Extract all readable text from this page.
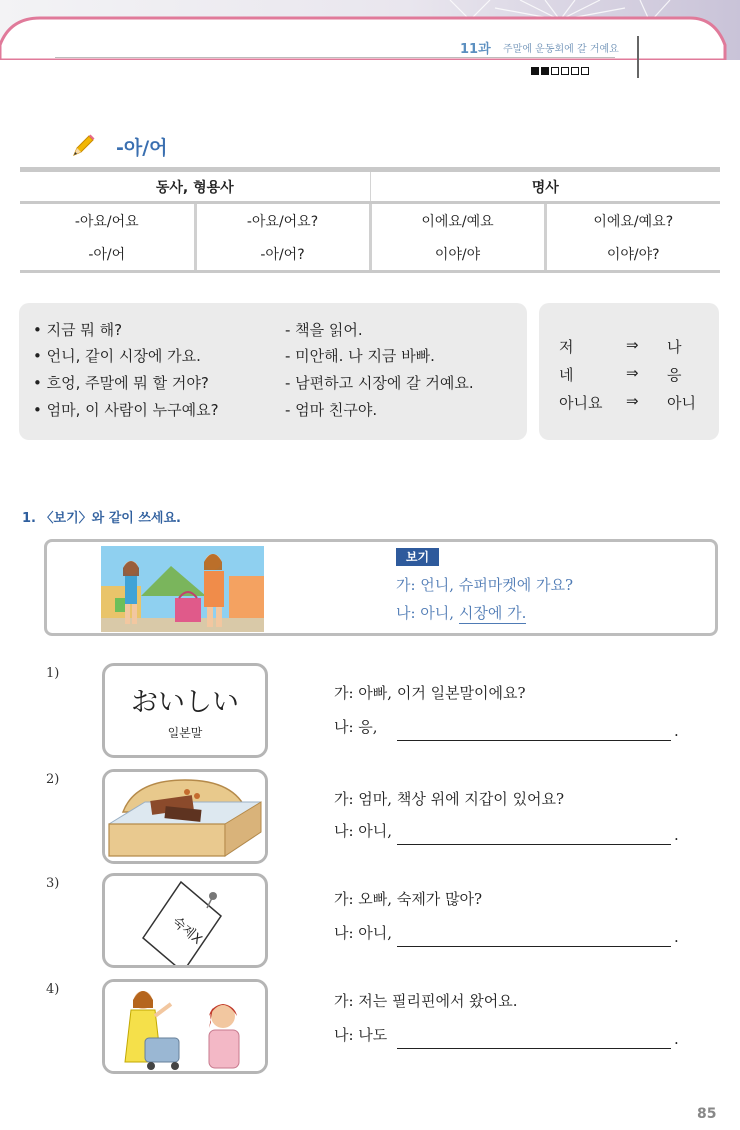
11과 주말에 운동회에 갈 거예요
-아/어
동사, 형용사		명사	
-아요/어요	-아요/어요?	이에요/예요	이에요/예요?
-아/어	-아/어?	이야/야	이야/야?
• 지금 뭐 해?
• 언니, 같이 시장에 가요.
• 흐엉, 주말에 뭐 할 거야?
• 엄마, 이 사람이 누구예요?
- 책을 읽어.
- 미안해. 나 지금 바빠.
- 남편하고 시장에 갈 거예요.
- 엄마 친구야.
저	⇒ 나
네	⇒ 응
아니요 ⇒ 아니
1. 〈보기〉와 같이 쓰세요.
보기
가: 언니, 슈퍼마켓에 가요?
나: 아니, 시장에 가.
1)
おいしい
일본말
가: 아빠, 이거 일본말이에요?
나: 응,	.
2)
가: 엄마, 책상 위에 지갑이 있어요?
나: 아니,	.
3)
숙제X
가: 오빠, 숙제가 많아?
나: 아니,	.
4)
가: 저는 필리핀에서 왔어요.
나: 나도	.
85
